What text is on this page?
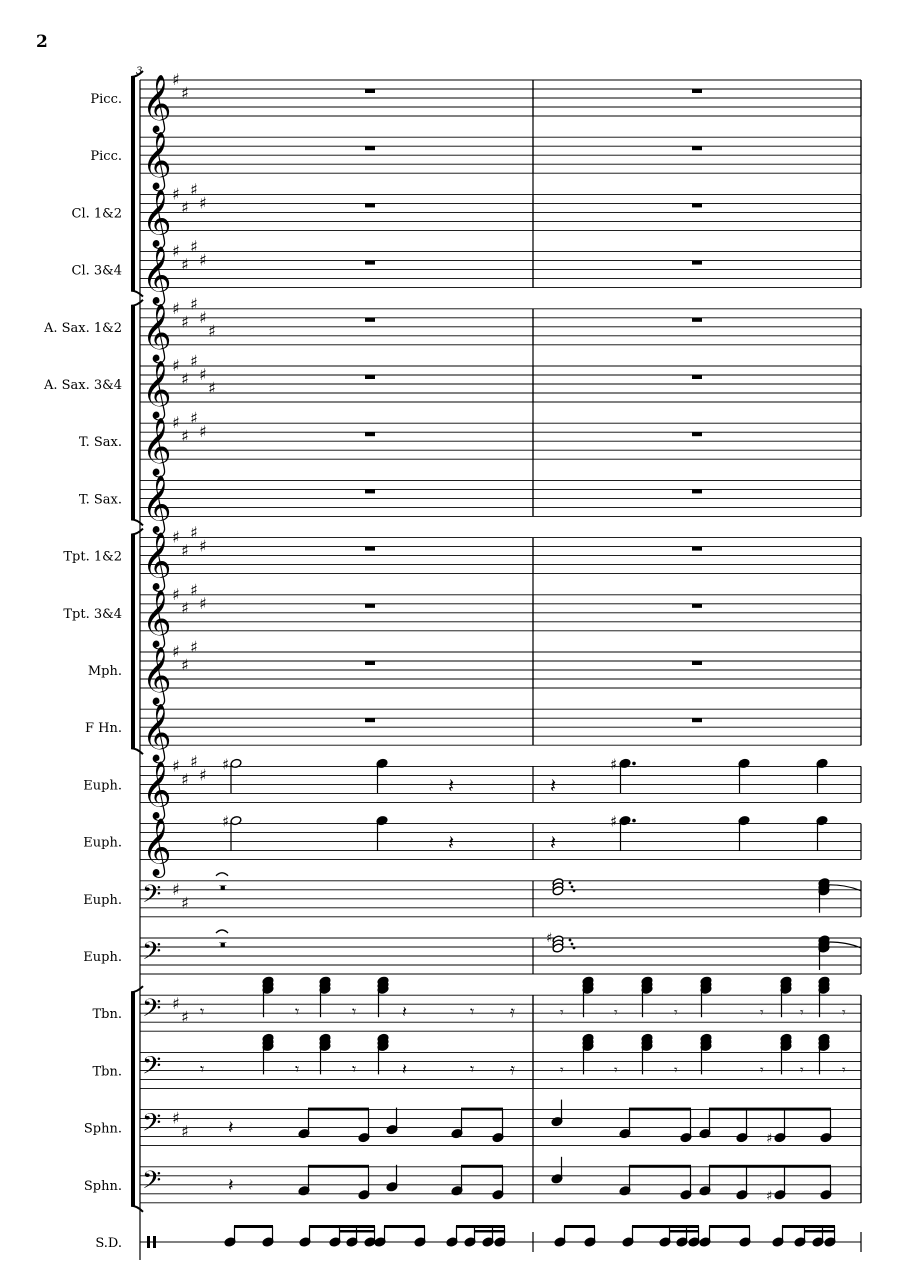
2
3
Picc. 𝄞 ♯
♯
Picc. 𝄞
Cl. 1&2 𝄞 ♯
♯
♯
♯
Cl. 3&4 𝄞 ♯
♯
♯
♯
A. Sax. 1&2 𝄞 ♯
♯
♯
♯
♯
A. Sax. 3&4 𝄞 ♯
♯
♯
♯
♯
T. Sax. 𝄞 ♯
♯
♯
♯
T. Sax. 𝄞
Tpt. 1&2 𝄞 ♯
♯
♯
♯
Tpt. 3&4 𝄞 ♯
♯
♯
♯
Mph. 𝄞 ♯
♯
♯
F Hn. 𝄞
Euph. 𝄞 ♯
♯
♯
♯
♯
𝄽	𝄽
♯
Euph. 𝄞	♯
𝄽	𝄽
♯
Euph. 𝄢 ♯
♯
𝄺
Euph. 𝄢	𝄺	♯
Tbn. 𝄢 ♯
♯ 𝄾	𝄾	𝄾	𝄽	𝄾 𝄿	𝄾	𝄾	𝄾	𝄾	𝄾	𝄾
Tbn. 𝄢 𝄾	𝄾	𝄾	𝄽	𝄾 𝄿	𝄾	𝄾	𝄾	𝄾	𝄾	𝄾
Sphn. 𝄢 ♯
♯ 𝄽
♯
Sphn. 𝄢	𝄽
♯
S.D.
